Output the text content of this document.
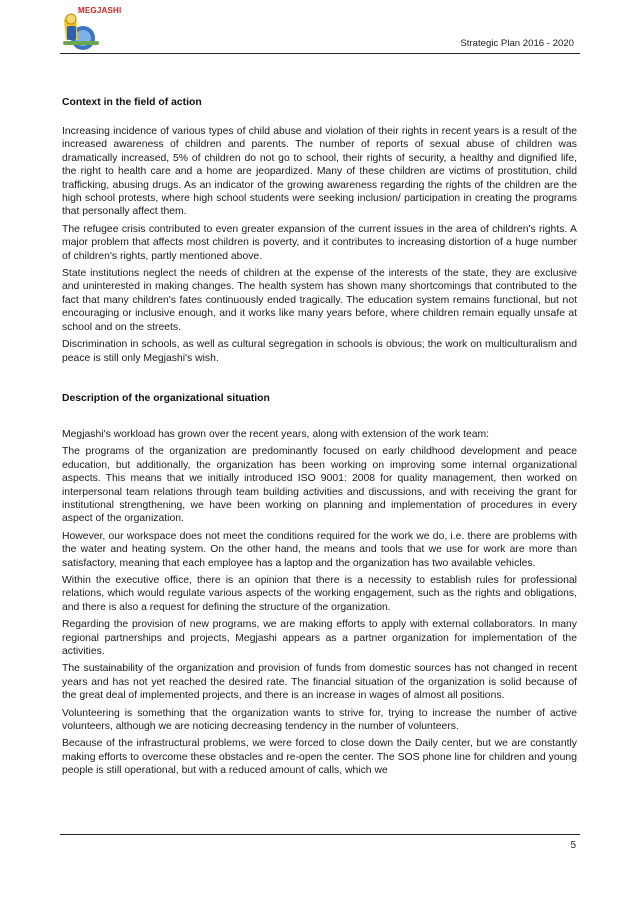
MEGJASHI
Strategic Plan 2016 - 2020
Context in the field of action

Increasing incidence of various types of child abuse and violation of their rights in recent years is a result of the increased awareness of children and parents. The number of reports of sexual abuse of children was dramatically increased, 5% of children do not go to school, their rights of security, a healthy and dignified life, the right to health care and a home are jeopardized. Many of these children are victims of prostitution, child trafficking, abusing drugs. As an indicator of the growing awareness regarding the rights of the children are the high school protests, where high school students were seeking inclusion/ participation in creating the programs that personally affect them.

The refugee crisis contributed to even greater expansion of the current issues in the area of children's rights. A major problem that affects most children is poverty, and it contributes to increasing distortion of a huge number of children's rights, partly mentioned above.

State institutions neglect the needs of children at the expense of the interests of the state, they are exclusive and uninterested in making changes. The health system has shown many shortcomings that contributed to the fact that many children's fates continuously ended tragically. The education system remains functional, but not encouraging or inclusive enough, and it works like many years before, where children remain equally unsafe at school and on the streets.

Discrimination in schools, as well as cultural segregation in schools is obvious; the work on multiculturalism and peace is still only Megjashi's wish.

Description of the organizational situation

Megjashi's workload has grown over the recent years, along with extension of the work team:

The programs of the organization are predominantly focused on early childhood development and peace education, but additionally, the organization has been working on improving some internal organizational aspects. This means that we initially introduced ISO 9001: 2008 for quality management, then worked on interpersonal team relations through team building activities and discussions, and with receiving the grant for institutional strengthening, we have been working on planning and implementation of procedures in every aspect of the organization.

However, our workspace does not meet the conditions required for the work we do, i.e. there are problems with the water and heating system. On the other hand, the means and tools that we use for work are more than satisfactory, meaning that each employee has a laptop and the organization has two available vehicles.

Within the executive office, there is an opinion that there is a necessity to establish rules for professional relations, which would regulate various aspects of the working engagement, such as the rights and obligations, and there is also a request for defining the structure of the organization.

Regarding the provision of new programs, we are making efforts to apply with external collaborators. In many regional partnerships and projects, Megjashi appears as a partner organization for implementation of the activities.

The sustainability of the organization and provision of funds from domestic sources has not changed in recent years and has not yet reached the desired rate. The financial situation of the organization is solid because of the great deal of implemented projects, and there is an increase in wages of almost all positions.

Volunteering is something that the organization wants to strive for, trying to increase the number of active volunteers, although we are noticing decreasing tendency in the number of volunteers.

Because of the infrastructural problems, we were forced to close down the Daily center, but we are constantly making efforts to overcome these obstacles and re-open the center. The SOS phone line for children and young people is still operational, but with a reduced amount of calls, which we

5
